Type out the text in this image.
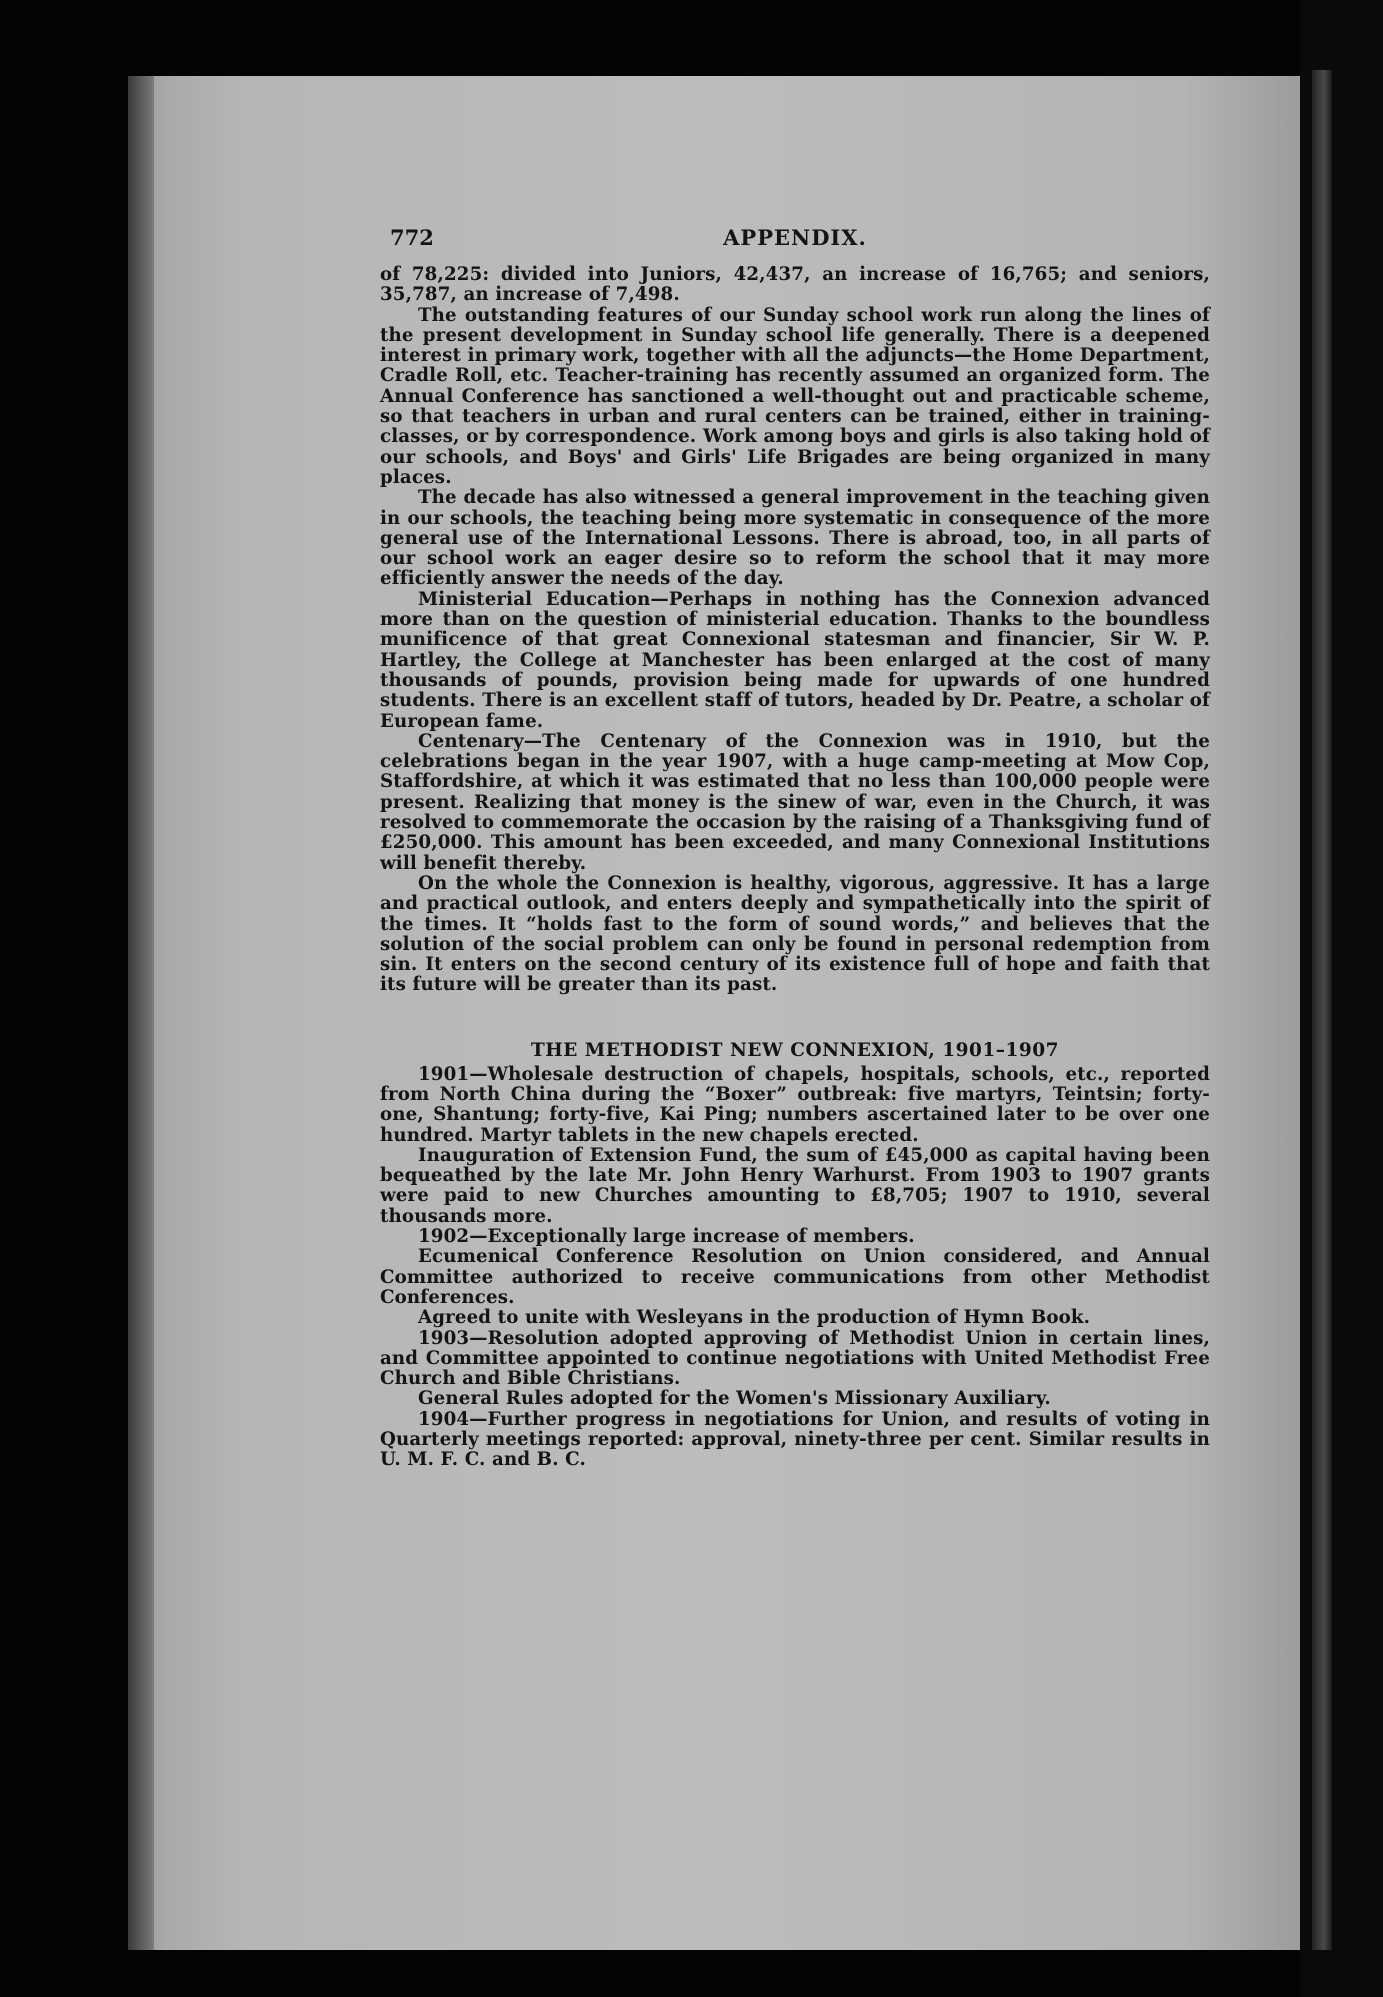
772	APPENDIX.

of 78,225: divided into Juniors, 42,437, an increase of 16,765; and seniors, 35,787, an increase of 7,498.

The outstanding features of our Sunday school work run along the lines of the present development in Sunday school life generally. There is a deepened interest in primary work, together with all the adjuncts—the Home Department, Cradle Roll, etc. Teacher-training has recently assumed an organized form. The Annual Conference has sanctioned a well-thought out and practicable scheme, so that teachers in urban and rural centers can be trained, either in training-classes, or by correspondence. Work among boys and girls is also taking hold of our schools, and Boys' and Girls' Life Brigades are being organized in many places.

The decade has also witnessed a general improvement in the teaching given in our schools, the teaching being more systematic in consequence of the more general use of the International Lessons. There is abroad, too, in all parts of our school work an eager desire so to reform the school that it may more efficiently answer the needs of the day.

Ministerial Education—Perhaps in nothing has the Connexion advanced more than on the question of ministerial education. Thanks to the boundless munificence of that great Connexional statesman and financier, Sir W. P. Hartley, the College at Manchester has been enlarged at the cost of many thousands of pounds, provision being made for upwards of one hundred students. There is an excellent staff of tutors, headed by Dr. Peatre, a scholar of European fame.

Centenary—The Centenary of the Connexion was in 1910, but the celebrations began in the year 1907, with a huge camp-meeting at Mow Cop, Staffordshire, at which it was estimated that no less than 100,000 people were present. Realizing that money is the sinew of war, even in the Church, it was resolved to commemorate the occasion by the raising of a Thanksgiving fund of £250,000. This amount has been exceeded, and many Connexional Institutions will benefit thereby.

On the whole the Connexion is healthy, vigorous, aggressive. It has a large and practical outlook, and enters deeply and sympathetically into the spirit of the times. It “holds fast to the form of sound words,” and believes that the solution of the social problem can only be found in personal redemption from sin. It enters on the second century of its existence full of hope and faith that its future will be greater than its past.

THE METHODIST NEW CONNEXION, 1901–1907

1901—Wholesale destruction of chapels, hospitals, schools, etc., reported from North China during the “Boxer” outbreak: five martyrs, Teintsin; forty-one, Shantung; forty-five, Kai Ping; numbers ascertained later to be over one hundred. Martyr tablets in the new chapels erected.

Inauguration of Extension Fund, the sum of £45,000 as capital having been bequeathed by the late Mr. John Henry Warhurst. From 1903 to 1907 grants were paid to new Churches amounting to £8,705; 1907 to 1910, several thousands more.

1902—Exceptionally large increase of members.

Ecumenical Conference Resolution on Union considered, and Annual Committee authorized to receive communications from other Methodist Conferences.

Agreed to unite with Wesleyans in the production of Hymn Book.

1903—Resolution adopted approving of Methodist Union in certain lines, and Committee appointed to continue negotiations with United Methodist Free Church and Bible Christians.

General Rules adopted for the Women's Missionary Auxiliary.

1904—Further progress in negotiations for Union, and results of voting in Quarterly meetings reported: approval, ninety-three per cent. Similar results in U. M. F. C. and B. C.
